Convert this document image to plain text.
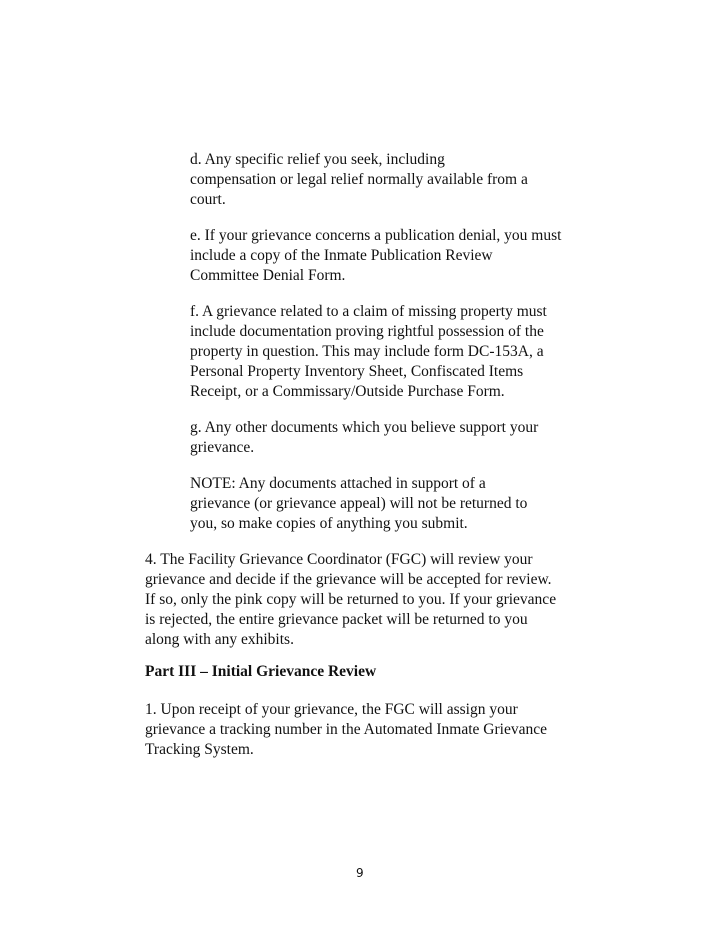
d. Any specific relief you seek, including
compensation or legal relief normally available from a
court.
e. If your grievance concerns a publication denial, you must
include a copy of the Inmate Publication Review
Committee Denial Form.
f. A grievance related to a claim of missing property must
include documentation proving rightful possession of the
property in question. This may include form DC-153A, a
Personal Property Inventory Sheet, Confiscated Items
Receipt, or a Commissary/Outside Purchase Form.
g. Any other documents which you believe support your
grievance.
NOTE: Any documents attached in support of a
grievance (or grievance appeal) will not be returned to
you, so make copies of anything you submit.
4. The Facility Grievance Coordinator (FGC) will review your
grievance and decide if the grievance will be accepted for review.
If so, only the pink copy will be returned to you. If your grievance
is rejected, the entire grievance packet will be returned to you
along with any exhibits.
Part III – Initial Grievance Review
1. Upon receipt of your grievance, the FGC will assign your
grievance a tracking number in the Automated Inmate Grievance
Tracking System.
9
